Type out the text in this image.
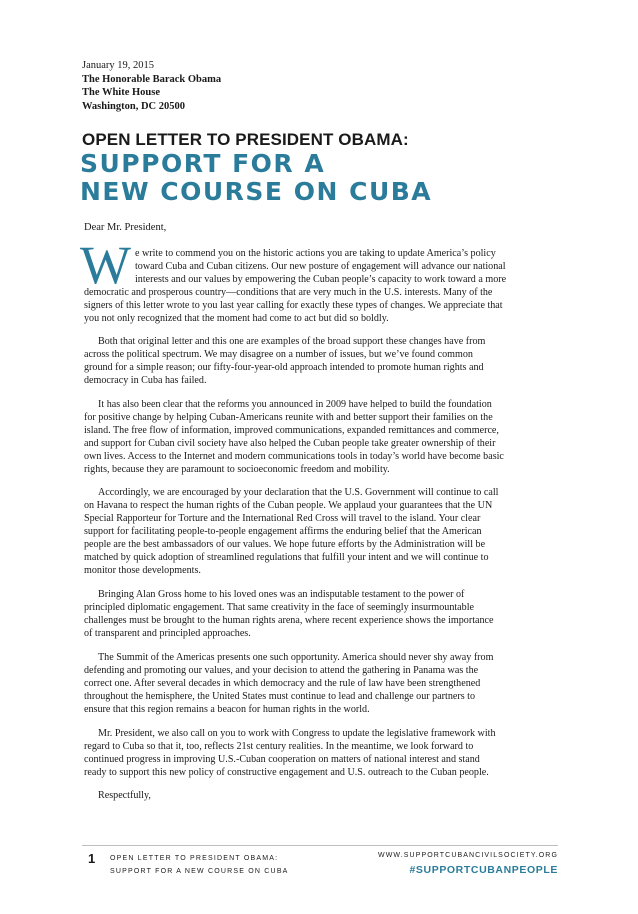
January 19, 2015
The Honorable Barack Obama
The White House
Washington, DC 20500
OPEN LETTER TO PRESIDENT OBAMA:
SUPPORT FOR A
NEW COURSE ON CUBA
Dear Mr. President,
W e write to commend you on the historic actions you are taking to update America’s policy
toward Cuba and Cuban citizens. Our new posture of engagement will advance our national
interests and our values by empowering the Cuban people’s capacity to work toward a more
democratic and prosperous country—conditions that are very much in the U.S. interests. Many of the
signers of this letter wrote to you last year calling for exactly these types of changes. We appreciate that
you not only recognized that the moment had come to act but did so boldly.
Both that original letter and this one are examples of the broad support these changes have from
across the political spectrum. We may disagree on a number of issues, but we’ve found common
ground for a simple reason; our fifty-four-year-old approach intended to promote human rights and
democracy in Cuba has failed.
It has also been clear that the reforms you announced in 2009 have helped to build the foundation
for positive change by helping Cuban-Americans reunite with and better support their families on the
island. The free flow of information, improved communications, expanded remittances and commerce,
and support for Cuban civil society have also helped the Cuban people take greater ownership of their
own lives. Access to the Internet and modern communications tools in today’s world have become basic
rights, because they are paramount to socioeconomic freedom and mobility.
Accordingly, we are encouraged by your declaration that the U.S. Government will continue to call
on Havana to respect the human rights of the Cuban people. We applaud your guarantees that the UN
Special Rapporteur for Torture and the International Red Cross will travel to the island. Your clear
support for facilitating people-to-people engagement affirms the enduring belief that the American
people are the best ambassadors of our values. We hope future efforts by the Administration will be
matched by quick adoption of streamlined regulations that fulfill your intent and we will continue to
monitor those developments.
Bringing Alan Gross home to his loved ones was an indisputable testament to the power of
principled diplomatic engagement. That same creativity in the face of seemingly insurmountable
challenges must be brought to the human rights arena, where recent experience shows the importance
of transparent and principled approaches.
The Summit of the Americas presents one such opportunity. America should never shy away from
defending and promoting our values, and your decision to attend the gathering in Panama was the
correct one. After several decades in which democracy and the rule of law have been strengthened
throughout the hemisphere, the United States must continue to lead and challenge our partners to
ensure that this region remains a beacon for human rights in the world.
Mr. President, we also call on you to work with Congress to update the legislative framework with
regard to Cuba so that it, too, reflects 21st century realities. In the meantime, we look forward to
continued progress in improving U.S.-Cuban cooperation on matters of national interest and stand
ready to support this new policy of constructive engagement and U.S. outreach to the Cuban people.
Respectfully,
1 OPEN LETTER TO PRESIDENT OBAMA:
SUPPORT FOR A NEW COURSE ON CUBA
WWW.SUPPORTCUBANCIVILSOCIETY.ORG
#SUPPORTCUBANPEOPLE
